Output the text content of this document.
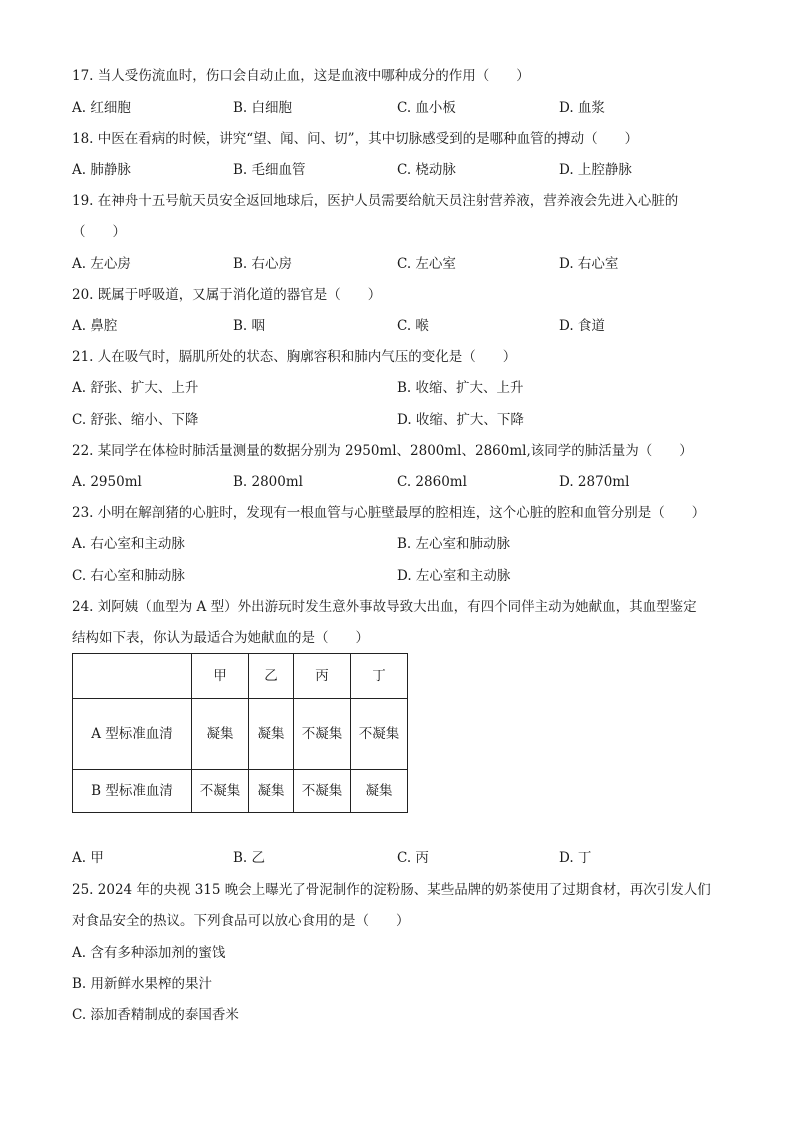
17. 当人受伤流血时，伤口会自动止血，这是血液中哪种成分的作用（　　）
A. 红细胞	B. 白细胞	C. 血小板	D. 血浆
18. 中医在看病的时候，讲究“望、闻、问、切”，其中切脉感受到的是哪种血管的搏动（　　）
A. 肺静脉	B. 毛细血管	C. 桡动脉	D. 上腔静脉
19. 在神舟十五号航天员安全返回地球后，医护人员需要给航天员注射营养液，营养液会先进入心脏的
（　　）
A. 左心房	B. 右心房	C. 左心室	D. 右心室
20. 既属于呼吸道，又属于消化道的器官是（　　）
A. 鼻腔	B. 咽	C. 喉	D. 食道
21. 人在吸气时，膈肌所处的状态、胸廓容积和肺内气压的变化是（　　）
A. 舒张、扩大、上升	B. 收缩、扩大、上升
C. 舒张、缩小、下降	D. 收缩、扩大、下降
22. 某同学在体检时肺活量测量的数据分别为 2950ml、2800ml、2860ml,该同学的肺活量为（　　）
A. 2950ml	B. 2800ml	C. 2860ml	D. 2870ml
23. 小明在解剖猪的心脏时，发现有一根血管与心脏壁最厚的腔相连，这个心脏的腔和血管分别是（　　）
A. 右心室和主动脉	B. 左心室和肺动脉
C. 右心室和肺动脉	D. 左心室和主动脉
24. 刘阿姨（血型为 A 型）外出游玩时发生意外事故导致大出血，有四个同伴主动为她献血，其血型鉴定
结构如下表，你认为最适合为她献血的是（　　）
	甲	乙	丙	丁
A 型标准血清	凝集	凝集	不凝集	不凝集
B 型标准血清	不凝集	凝集	不凝集	凝集
A. 甲	B. 乙	C. 丙	D. 丁
25. 2024 年的央视 315 晚会上曝光了骨泥制作的淀粉肠、某些品牌的奶茶使用了过期食材，再次引发人们
对食品安全的热议。下列食品可以放心食用的是（　　）
A. 含有多种添加剂的蜜饯
B. 用新鲜水果榨的果汁
C. 添加香精制成的泰国香米
